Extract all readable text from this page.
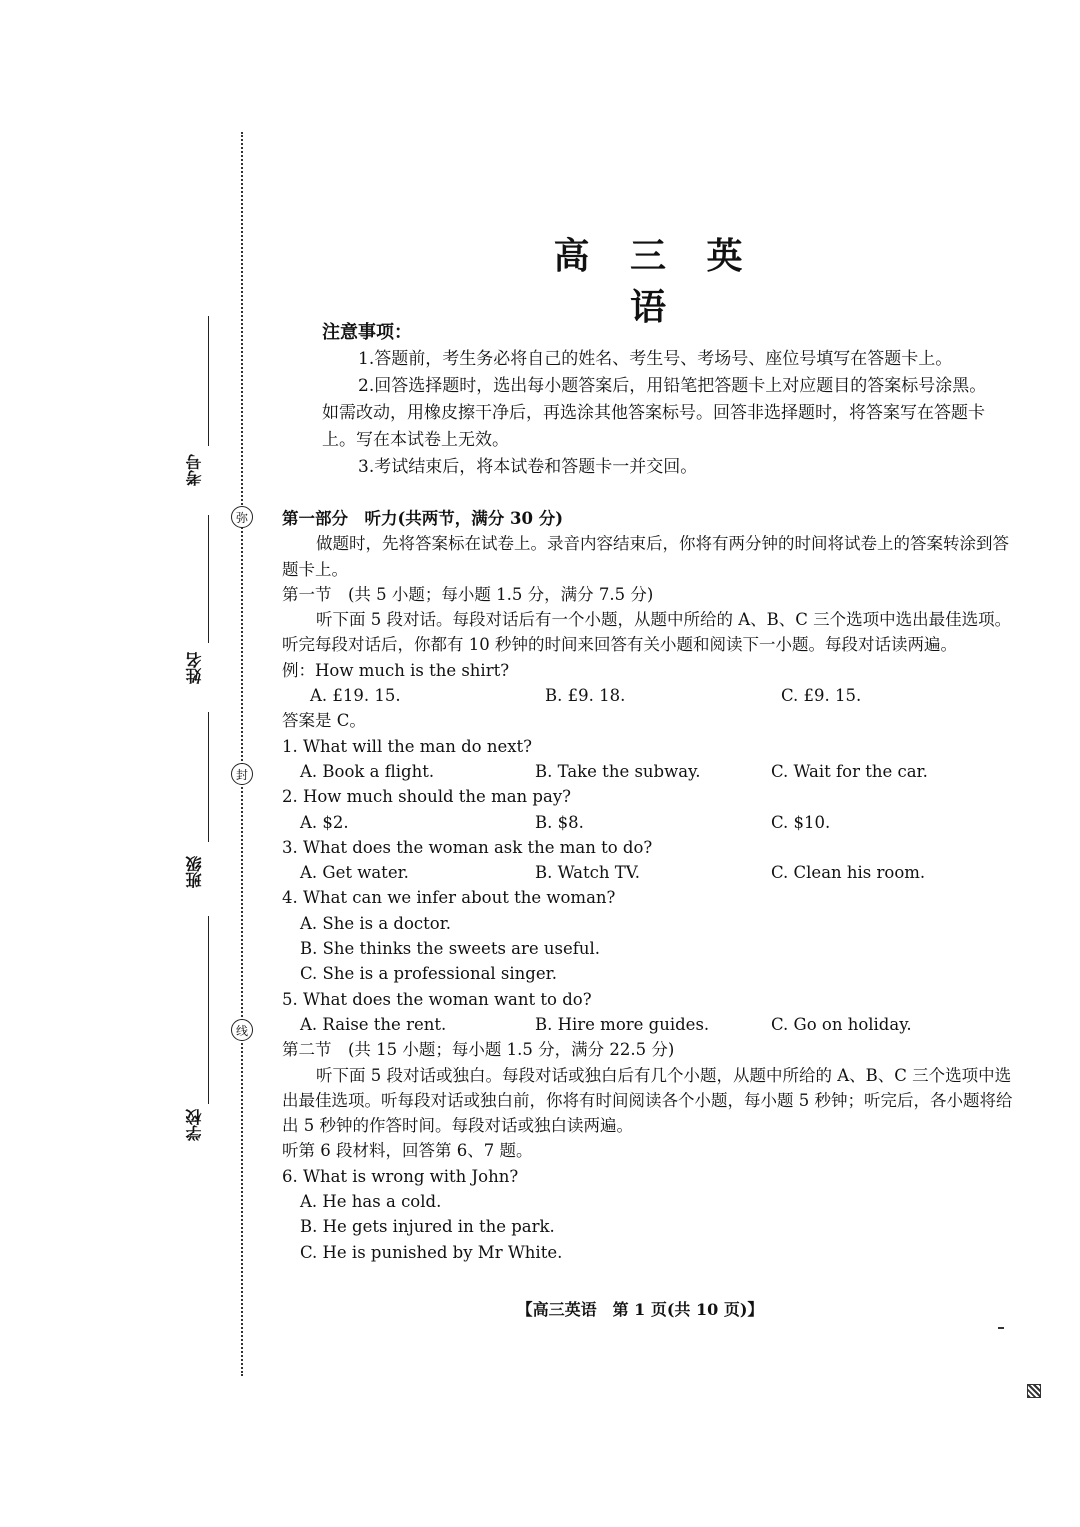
考号
姓名
班级
学校
弥
封
线
高 三 英 语
注意事项：

1.答题前，考生务必将自己的姓名、考生号、考场号、座位号填写在答题卡上。

2.回答选择题时，选出每小题答案后，用铅笔把答题卡上对应题目的答案标号涂黑。如需改动，用橡皮擦干净后，再选涂其他答案标号。回答非选择题时，将答案写在答题卡上。写在本试卷上无效。

3.考试结束后，将本试卷和答题卡一并交回。

第一部分　听力(共两节，满分 30 分)

做题时，先将答案标在试卷上。录音内容结束后，你将有两分钟的时间将试卷上的答案转涂到答题卡上。

第一节　(共 5 小题；每小题 1.5 分，满分 7.5 分)

听下面 5 段对话。每段对话后有一个小题，从题中所给的 A、B、C 三个选项中选出最佳选项。听完每段对话后，你都有 10 秒钟的时间来回答有关小题和阅读下一小题。每段对话读两遍。

例：How much is the shirt?

A. £19. 15.	B. £9. 18.	C. £9. 15.

答案是 C。

1. What will the man do next?

A. Book a flight.	B. Take the subway.	C. Wait for the car.

2. How much should the man pay?

A. $2.	B. $8.	C. $10.

3. What does the woman ask the man to do?

A. Get water.	B. Watch TV.	C. Clean his room.

4. What can we infer about the woman?

A. She is a doctor.

B. She thinks the sweets are useful.

C. She is a professional singer.

5. What does the woman want to do?

A. Raise the rent.	B. Hire more guides.	C. Go on holiday.

第二节　(共 15 小题；每小题 1.5 分，满分 22.5 分)

听下面 5 段对话或独白。每段对话或独白后有几个小题，从题中所给的 A、B、C 三个选项中选出最佳选项。听每段对话或独白前，你将有时间阅读各个小题，每小题 5 秒钟；听完后，各小题将给出 5 秒钟的作答时间。每段对话或独白读两遍。

听第 6 段材料，回答第 6、7 题。

6. What is wrong with John?

A. He has a cold.

B. He gets injured in the park.

C. He is punished by Mr White.

【高三英语　第 1 页(共 10 页)】
